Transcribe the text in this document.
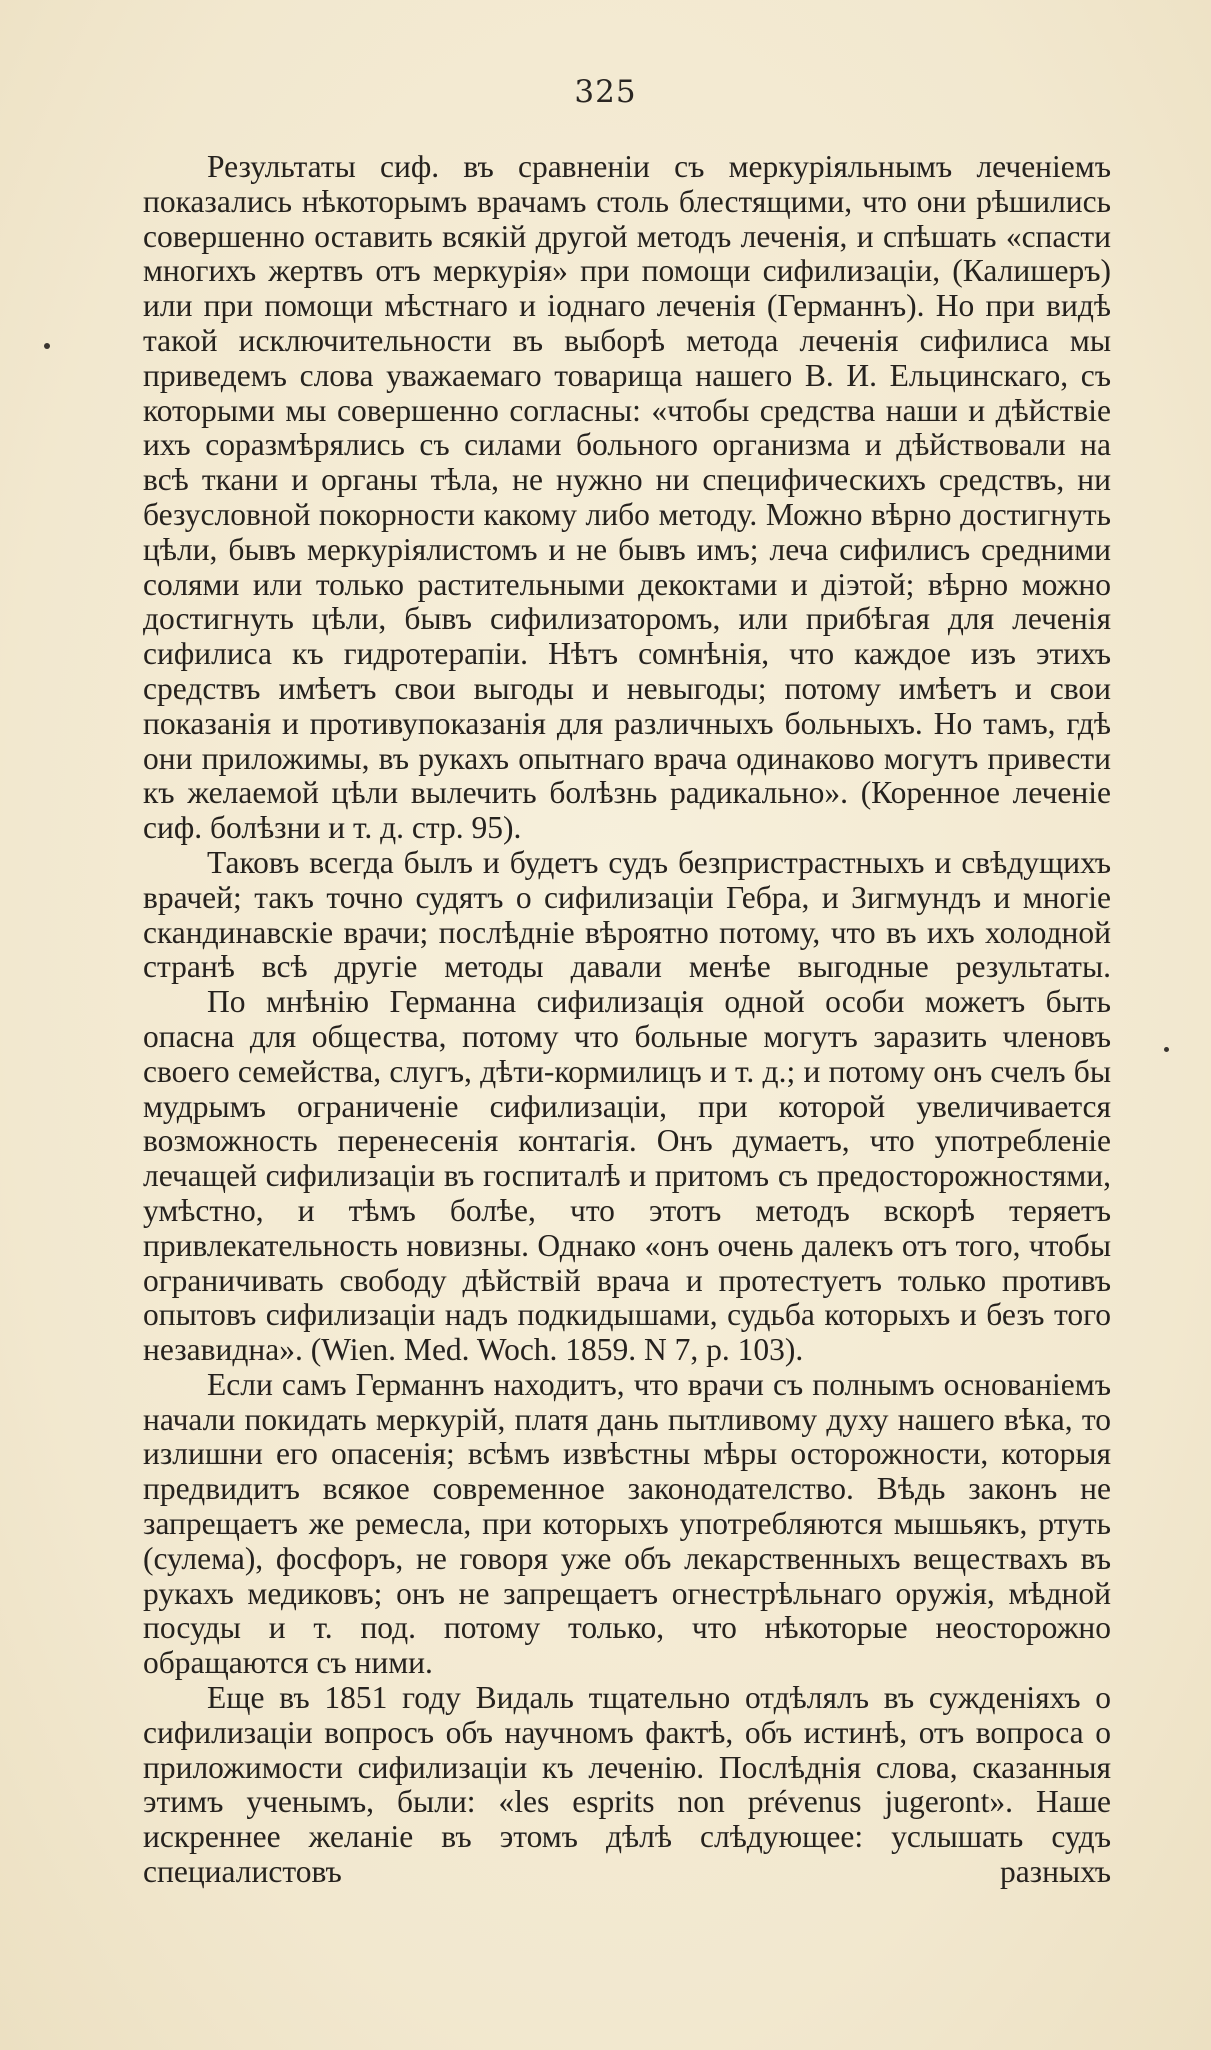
325

Результаты сиф. въ сравненіи съ меркуріяльнымъ леченіемъ показались нѣкоторымъ врачамъ столь блестящими, что они рѣшились совершенно оставить всякій другой методъ леченія, и спѣшать «спасти многихъ жертвъ отъ меркурія» при помощи сифилизаціи, (Калишеръ) или при помощи мѣстнаго и іоднаго леченія (Германнъ). Но при видѣ такой исключительности въ выборѣ метода леченія сифилиса мы приведемъ слова уважаемаго товарища нашего В. И. Ельцинскаго, съ которыми мы совершенно согласны: «чтобы средства наши и дѣйствіе ихъ соразмѣрялись съ силами больного организма и дѣйствовали на всѣ ткани и органы тѣла, не нужно ни специфическихъ средствъ, ни безусловной покорности какому либо методу. Можно вѣрно достигнуть цѣли, бывъ меркуріялистомъ и не бывъ имъ; леча сифилисъ средними солями или только растительными декоктами и діэтой; вѣрно можно достигнуть цѣли, бывъ сифилизаторомъ, или прибѣгая для леченія сифилиса къ гидротерапіи. Нѣтъ сомнѣнія, что каждое изъ этихъ средствъ имѣетъ свои выгоды и невыгоды; потому имѣетъ и свои показанія и противупоказанія для различныхъ больныхъ. Но тамъ, гдѣ они приложимы, въ рукахъ опытнаго врача одинаково могутъ привести къ желаемой цѣли вылечить болѣзнь радикально». (Коренное леченіе сиф. болѣзни и т. д. стр. 95).

Таковъ всегда былъ и будетъ судъ безпристрастныхъ и свѣдущихъ врачей; такъ точно судятъ о сифилизаціи Гебра, и Зигмундъ и многіе скандинавскіе врачи; послѣдніе вѣроятно потому, что въ ихъ холодной странѣ всѣ другіе методы давали менѣе выгодные результаты.

По мнѣнію Германна сифилизація одной особи можетъ быть опасна для общества, потому что больные могутъ заразить членовъ своего семейства, слугъ, дѣти-кормилицъ и т. д.; и потому онъ счелъ бы мудрымъ ограниченіе сифилизаціи, при которой увеличивается возможность перенесенія контагія. Онъ думаетъ, что употребленіе лечащей сифилизаціи въ госпиталѣ и притомъ съ предосторожностями, умѣстно, и тѣмъ болѣе, что этотъ методъ вскорѣ теряетъ привлекательность новизны. Однако «онъ очень далекъ отъ того, чтобы ограничивать свободу дѣйствій врача и протестуетъ только противъ опытовъ сифилизаціи надъ подкидышами, судьба которыхъ и безъ того незавидна». (Wien. Med. Woch. 1859. N 7, p. 103).

Если самъ Германнъ находитъ, что врачи съ полнымъ основаніемъ начали покидать меркурій, платя дань пытливому духу нашего вѣка, то излишни его опасенія; всѣмъ извѣстны мѣры осторожности, которыя предвидитъ всякое современное законодателство. Вѣдь законъ не запрещаетъ же ремесла, при которыхъ употребляются мышьякъ, ртуть (сулема), фосфоръ, не говоря уже объ лекарственныхъ веществахъ въ рукахъ медиковъ; онъ не запрещаетъ огнестрѣльнаго оружія, мѣдной посуды и т. под. потому только, что нѣкоторые неосторожно обращаются съ ними.

Еще въ 1851 году Видаль тщательно отдѣлялъ въ сужденіяхъ о сифилизаціи вопросъ объ научномъ фактѣ, объ истинѣ, отъ вопроса о приложимости сифилизаціи къ леченію. Послѣднія слова, сказанныя этимъ ученымъ, были: «les esprits non prévenus jugeront». Наше искреннее желаніе въ этомъ дѣлѣ слѣдующее: услышать судъ специалистовъ разныхъ
